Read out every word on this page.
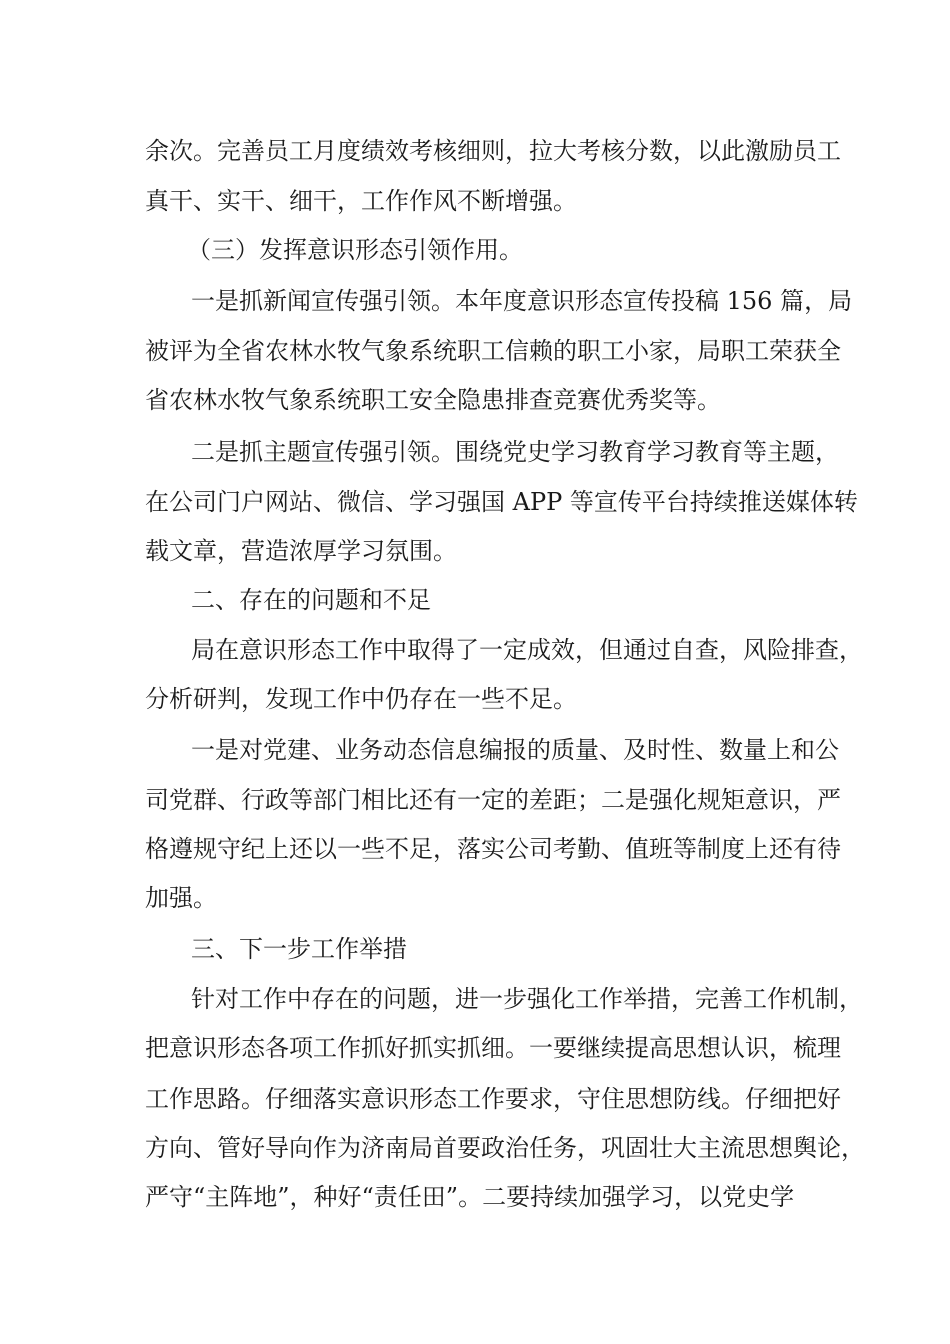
余次。完善员工月度绩效考核细则，拉大考核分数，以此激励员工
真干、实干、细干，工作作风不断增强。
（三）发挥意识形态引领作用。
一是抓新闻宣传强引领。本年度意识形态宣传投稿 156 篇，局
被评为全省农林水牧气象系统职工信赖的职工小家，局职工荣获全
省农林水牧气象系统职工安全隐患排查竞赛优秀奖等。
二是抓主题宣传强引领。围绕党史学习教育学习教育等主题，
在公司门户网站、微信、学习强国 APP 等宣传平台持续推送媒体转
载文章，营造浓厚学习氛围。
二、存在的问题和不足
局在意识形态工作中取得了一定成效，但通过自查，风险排查，
分析研判，发现工作中仍存在一些不足。
一是对党建、业务动态信息编报的质量、及时性、数量上和公
司党群、行政等部门相比还有一定的差距；二是强化规矩意识，严
格遵规守纪上还以一些不足，落实公司考勤、值班等制度上还有待
加强。
三、下一步工作举措
针对工作中存在的问题，进一步强化工作举措，完善工作机制，
把意识形态各项工作抓好抓实抓细。一要继续提高思想认识，梳理
工作思路。仔细落实意识形态工作要求，守住思想防线。仔细把好
方向、管好导向作为济南局首要政治任务，巩固壮大主流思想舆论，
严守“主阵地”，种好“责任田”。二要持续加强学习，以党史学
